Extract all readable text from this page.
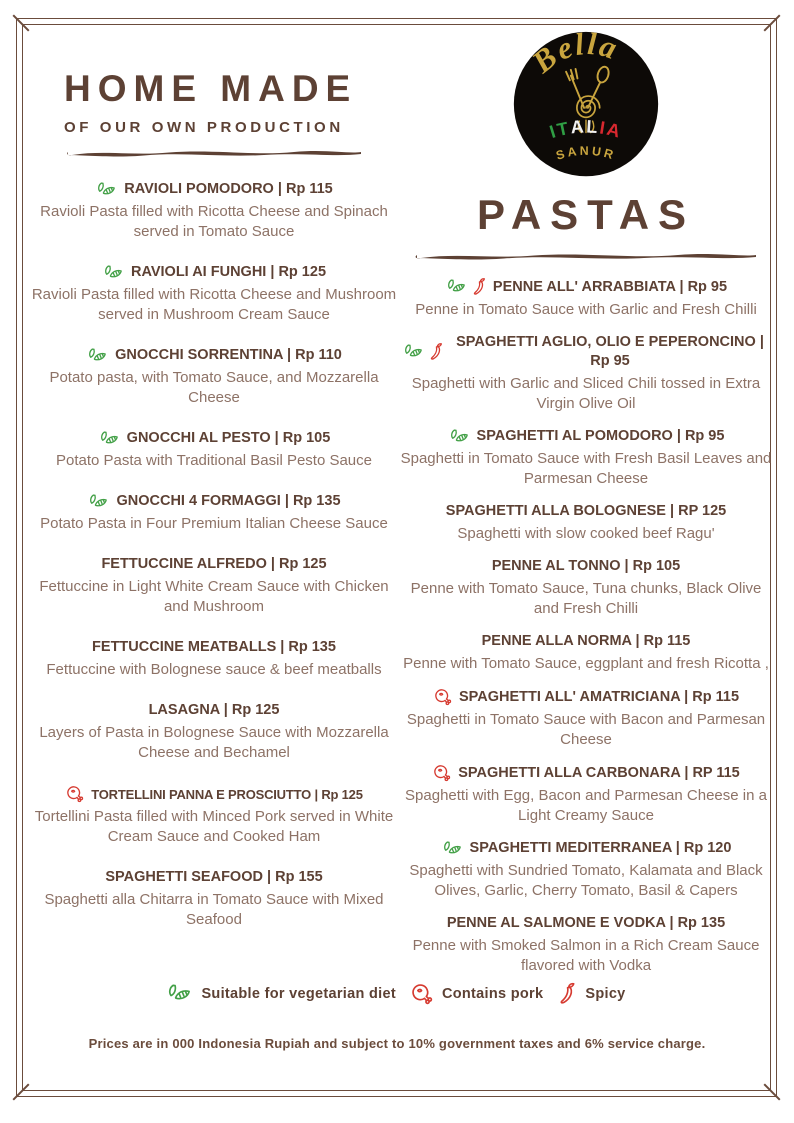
HOME MADE
OF OUR OWN PRODUCTION
RAVIOLI POMODORO | Rp 115
Ravioli Pasta filled with Ricotta Cheese and Spinach served in Tomato Sauce
RAVIOLI AI FUNGHI | Rp 125
Ravioli Pasta filled with Ricotta Cheese and Mushroom served in Mushroom Cream Sauce
GNOCCHI SORRENTINA | Rp 110
Potato pasta, with Tomato Sauce, and Mozzarella Cheese
GNOCCHI AL PESTO | Rp 105
Potato Pasta with Traditional Basil Pesto Sauce
GNOCCHI 4 FORMAGGI | Rp 135
Potato Pasta in Four Premium Italian Cheese Sauce
FETTUCCINE ALFREDO | Rp 125
Fettuccine in Light White Cream Sauce with Chicken and Mushroom
FETTUCCINE MEATBALLS | Rp 135
Fettuccine with Bolognese sauce & beef meatballs
LASAGNA | Rp 125
Layers of Pasta in Bolognese Sauce with Mozzarella Cheese and Bechamel
TORTELLINI PANNA E PROSCIUTTO | Rp 125
Tortellini Pasta filled with Minced Pork served in White Cream Sauce and Cooked Ham
SPAGHETTI SEAFOOD | Rp 155
Spaghetti alla Chitarra in Tomato Sauce with Mixed Seafood
Bella
ITALIA
SANUR
PASTAS
PENNE ALL' ARRABBIATA | Rp 95
Penne in Tomato Sauce with Garlic and Fresh Chilli
SPAGHETTI AGLIO, OLIO E PEPERONCINO | Rp 95
Spaghetti with Garlic and Sliced Chili tossed in Extra Virgin Olive Oil
SPAGHETTI AL POMODORO | Rp 95
Spaghetti in Tomato Sauce with Fresh Basil Leaves and Parmesan Cheese
SPAGHETTI ALLA BOLOGNESE | RP 125
Spaghetti with slow cooked beef Ragu'
PENNE AL TONNO | Rp 105
Penne with Tomato Sauce, Tuna chunks, Black Olive and Fresh Chilli
PENNE ALLA NORMA | Rp 115
Penne with Tomato Sauce, eggplant and fresh Ricotta ,
SPAGHETTI ALL' AMATRICIANA | Rp 115
Spaghetti in Tomato Sauce with Bacon and Parmesan Cheese
SPAGHETTI ALLA CARBONARA | RP 115
Spaghetti with Egg, Bacon and Parmesan Cheese in a Light Creamy Sauce
SPAGHETTI MEDITERRANEA | Rp 120
Spaghetti with Sundried Tomato, Kalamata and Black Olives, Garlic, Cherry Tomato, Basil & Capers
PENNE AL SALMONE E VODKA | Rp 135
Penne with Smoked Salmon in a Rich Cream Sauce flavored with Vodka
Suitable for vegetarian diet	Contains pork	Spicy
Prices are in 000 Indonesia Rupiah and subject to 10% government taxes and 6% service charge.
